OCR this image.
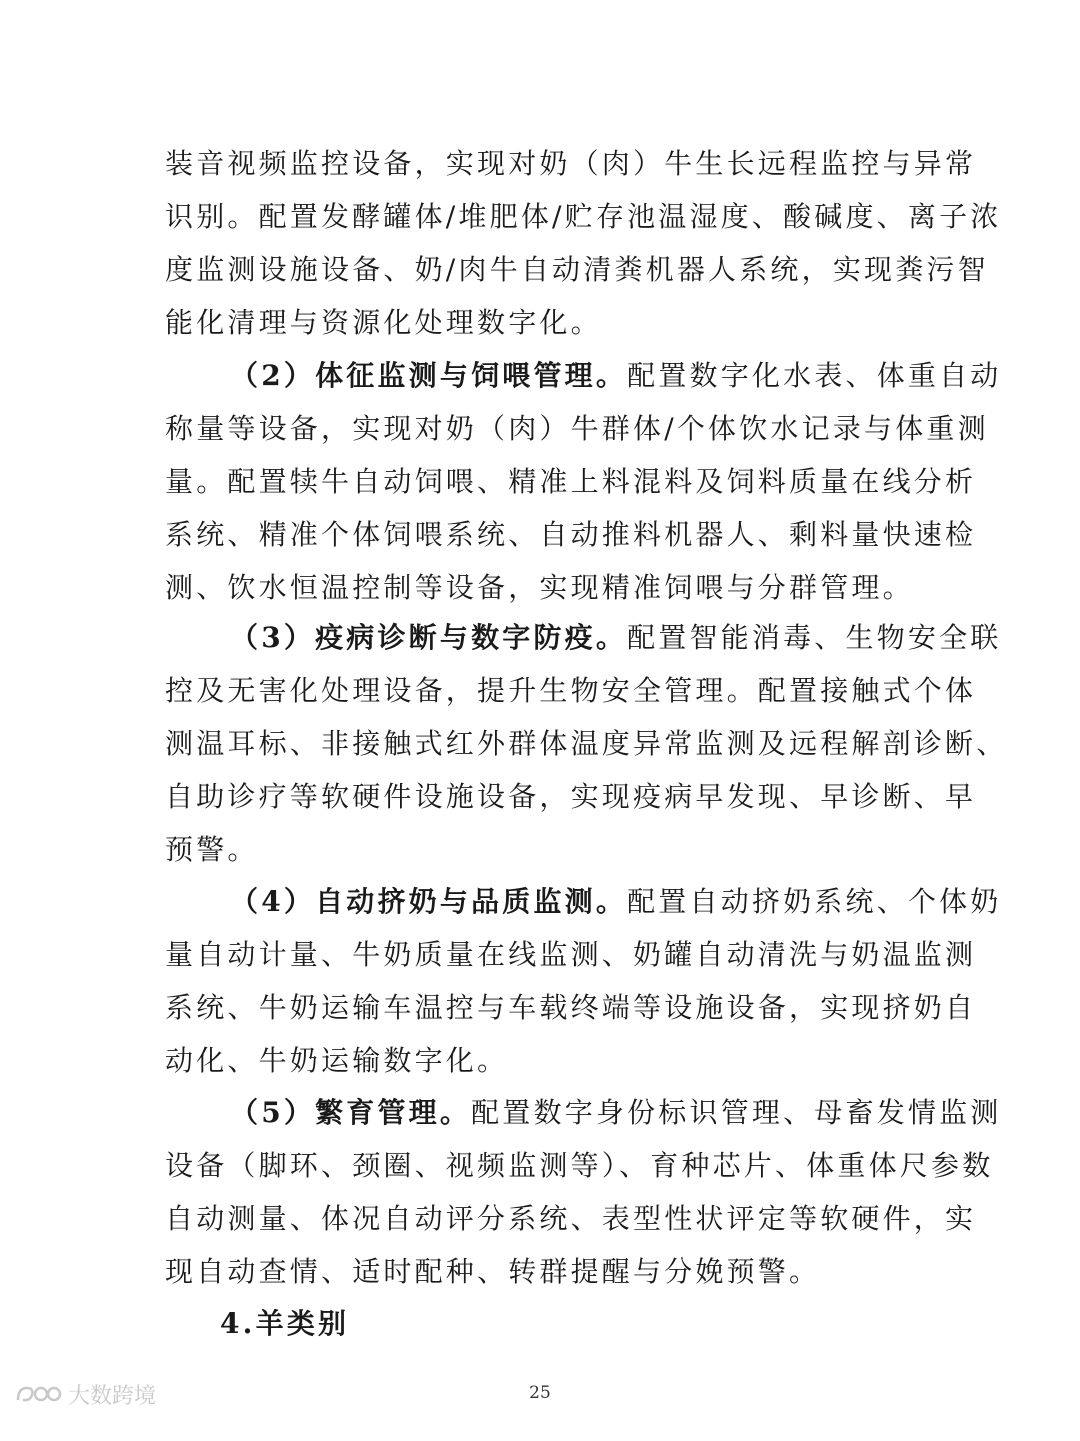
装音视频监控设备，实现对奶（肉）牛生长远程监控与异常
识别。配置发酵罐体/堆肥体/贮存池温湿度、酸碱度、离子浓
度监测设施设备、奶/肉牛自动清粪机器人系统，实现粪污智
能化清理与资源化处理数字化。
（2）体征监测与饲喂管理。配置数字化水表、体重自动
称量等设备，实现对奶（肉）牛群体/个体饮水记录与体重测
量。配置犊牛自动饲喂、精准上料混料及饲料质量在线分析
系统、精准个体饲喂系统、自动推料机器人、剩料量快速检
测、饮水恒温控制等设备，实现精准饲喂与分群管理。
（3）疫病诊断与数字防疫。配置智能消毒、生物安全联
控及无害化处理设备，提升生物安全管理。配置接触式个体
测温耳标、非接触式红外群体温度异常监测及远程解剖诊断、
自助诊疗等软硬件设施设备，实现疫病早发现、早诊断、早
预警。
（4）自动挤奶与品质监测。配置自动挤奶系统、个体奶
量自动计量、牛奶质量在线监测、奶罐自动清洗与奶温监测
系统、牛奶运输车温控与车载终端等设施设备，实现挤奶自
动化、牛奶运输数字化。
（5）繁育管理。配置数字身份标识管理、母畜发情监测
设备（脚环、颈圈、视频监测等）、育种芯片、体重体尺参数
自动测量、体况自动评分系统、表型性状评定等软硬件，实
现自动查情、适时配种、转群提醒与分娩预警。
4.羊类别
25
大数跨境
